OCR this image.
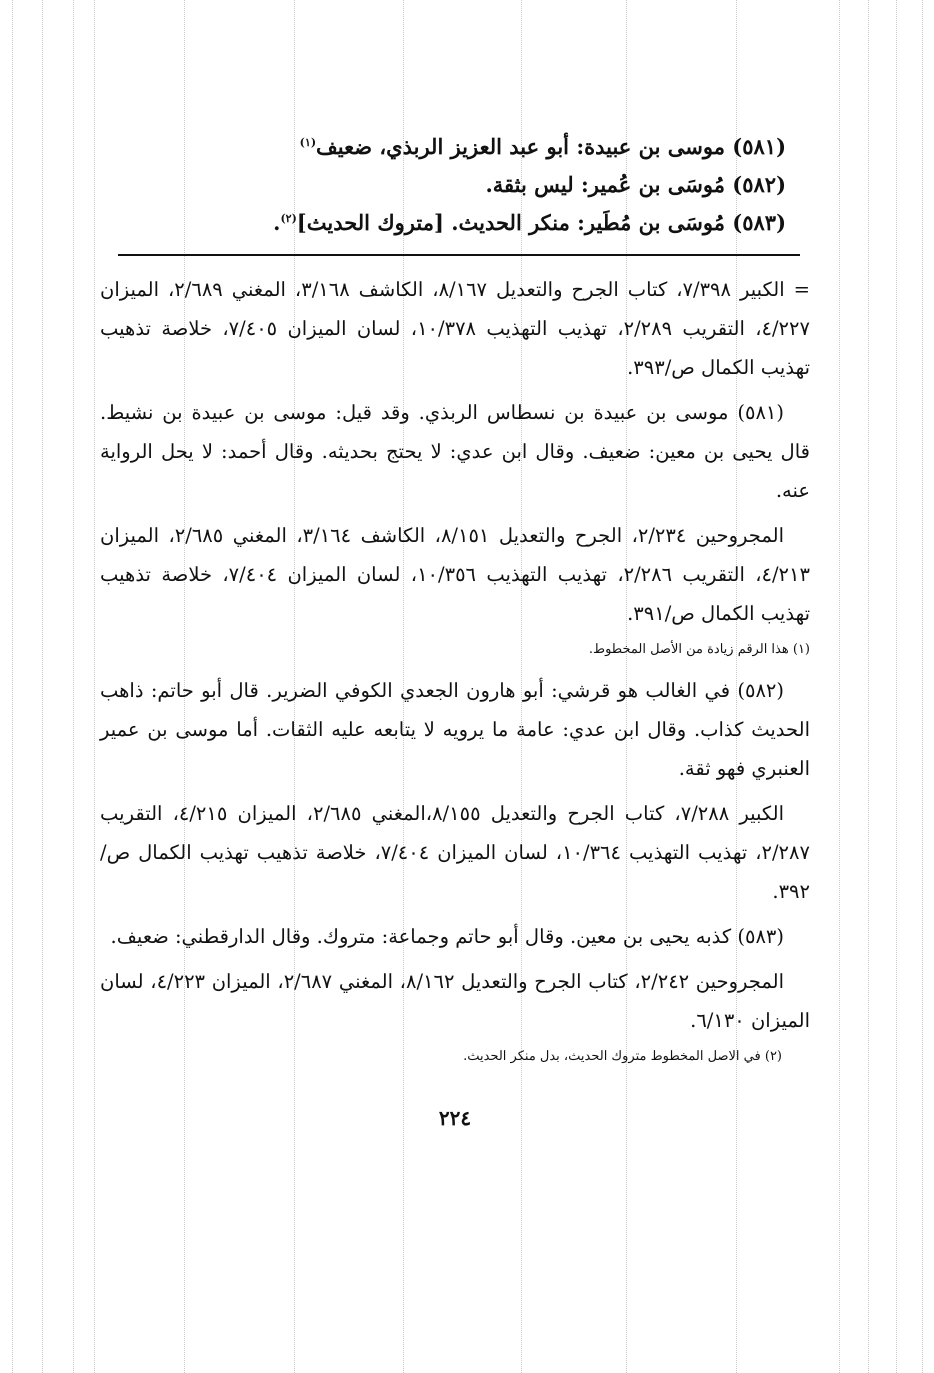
(٥٨١) موسى بن عبيدة: أبو عبد العزيز الربذي، ضعيف$^{(١)}$
(٥٨٢) مُوسَى بن عُمير: ليس بثقة.
(٥٨٣) مُوسَى بن مُطَير: منكر الحديث. [متروك الحديث]$^{(٢)}$.

= الكبير ٧/٣٩٨، كتاب الجرح والتعديل ٨/١٦٧، الكاشف ٣/١٦٨، المغني ٢/٦٨٩، الميزان ٤/٢٢٧، التقريب ٢/٢٨٩، تهذيب التهذيب ١٠/٣٧٨، لسان الميزان ٧/٤٠٥، خلاصة تذهيب تهذيب الكمال ص/٣٩٣.

(٥٨١) موسى بن عبيدة بن نسطاس الربذي. وقد قيل: موسى بن عبيدة بن نشيط. قال يحيى بن معين: ضعيف. وقال ابن عدي: لا يحتج بحديثه. وقال أحمد: لا يحل الرواية عنه.

المجروحين ٢/٢٣٤، الجرح والتعديل ٨/١٥١، الكاشف ٣/١٦٤، المغني ٢/٦٨٥، الميزان ٤/٢١٣، التقريب ٢/٢٨٦، تهذيب التهذيب ١٠/٣٥٦، لسان الميزان ٧/٤٠٤، خلاصة تذهيب تهذيب الكمال ص/٣٩١.

(١) هذا الرقم زيادة من الأصل المخطوط.

(٥٨٢) في الغالب هو قرشي: أبو هارون الجعدي الكوفي الضرير. قال أبو حاتم: ذاهب الحديث كذاب. وقال ابن عدي: عامة ما يرويه لا يتابعه عليه الثقات. أما موسى بن عمير العنبري فهو ثقة.

الكبير ٧/٢٨٨، كتاب الجرح والتعديل ٨/١٥٥،المغني ٢/٦٨٥، الميزان ٤/٢١٥، التقريب ٢/٢٨٧، تهذيب التهذيب ١٠/٣٦٤، لسان الميزان ٧/٤٠٤، خلاصة تذهيب تهذيب الكمال ص/٣٩٢.

(٥٨٣) كذبه يحيى بن معين. وقال أبو حاتم وجماعة: متروك. وقال الدارقطني: ضعيف.

المجروحين ٢/٢٤٢، كتاب الجرح والتعديل ٨/١٦٢، المغني ٢/٦٨٧، الميزان ٤/٢٢٣، لسان الميزان ٦/١٣٠.

(٢) في الاصل المخطوط متروك الحديث، بدل منكر الحديث.

٢٢٤
